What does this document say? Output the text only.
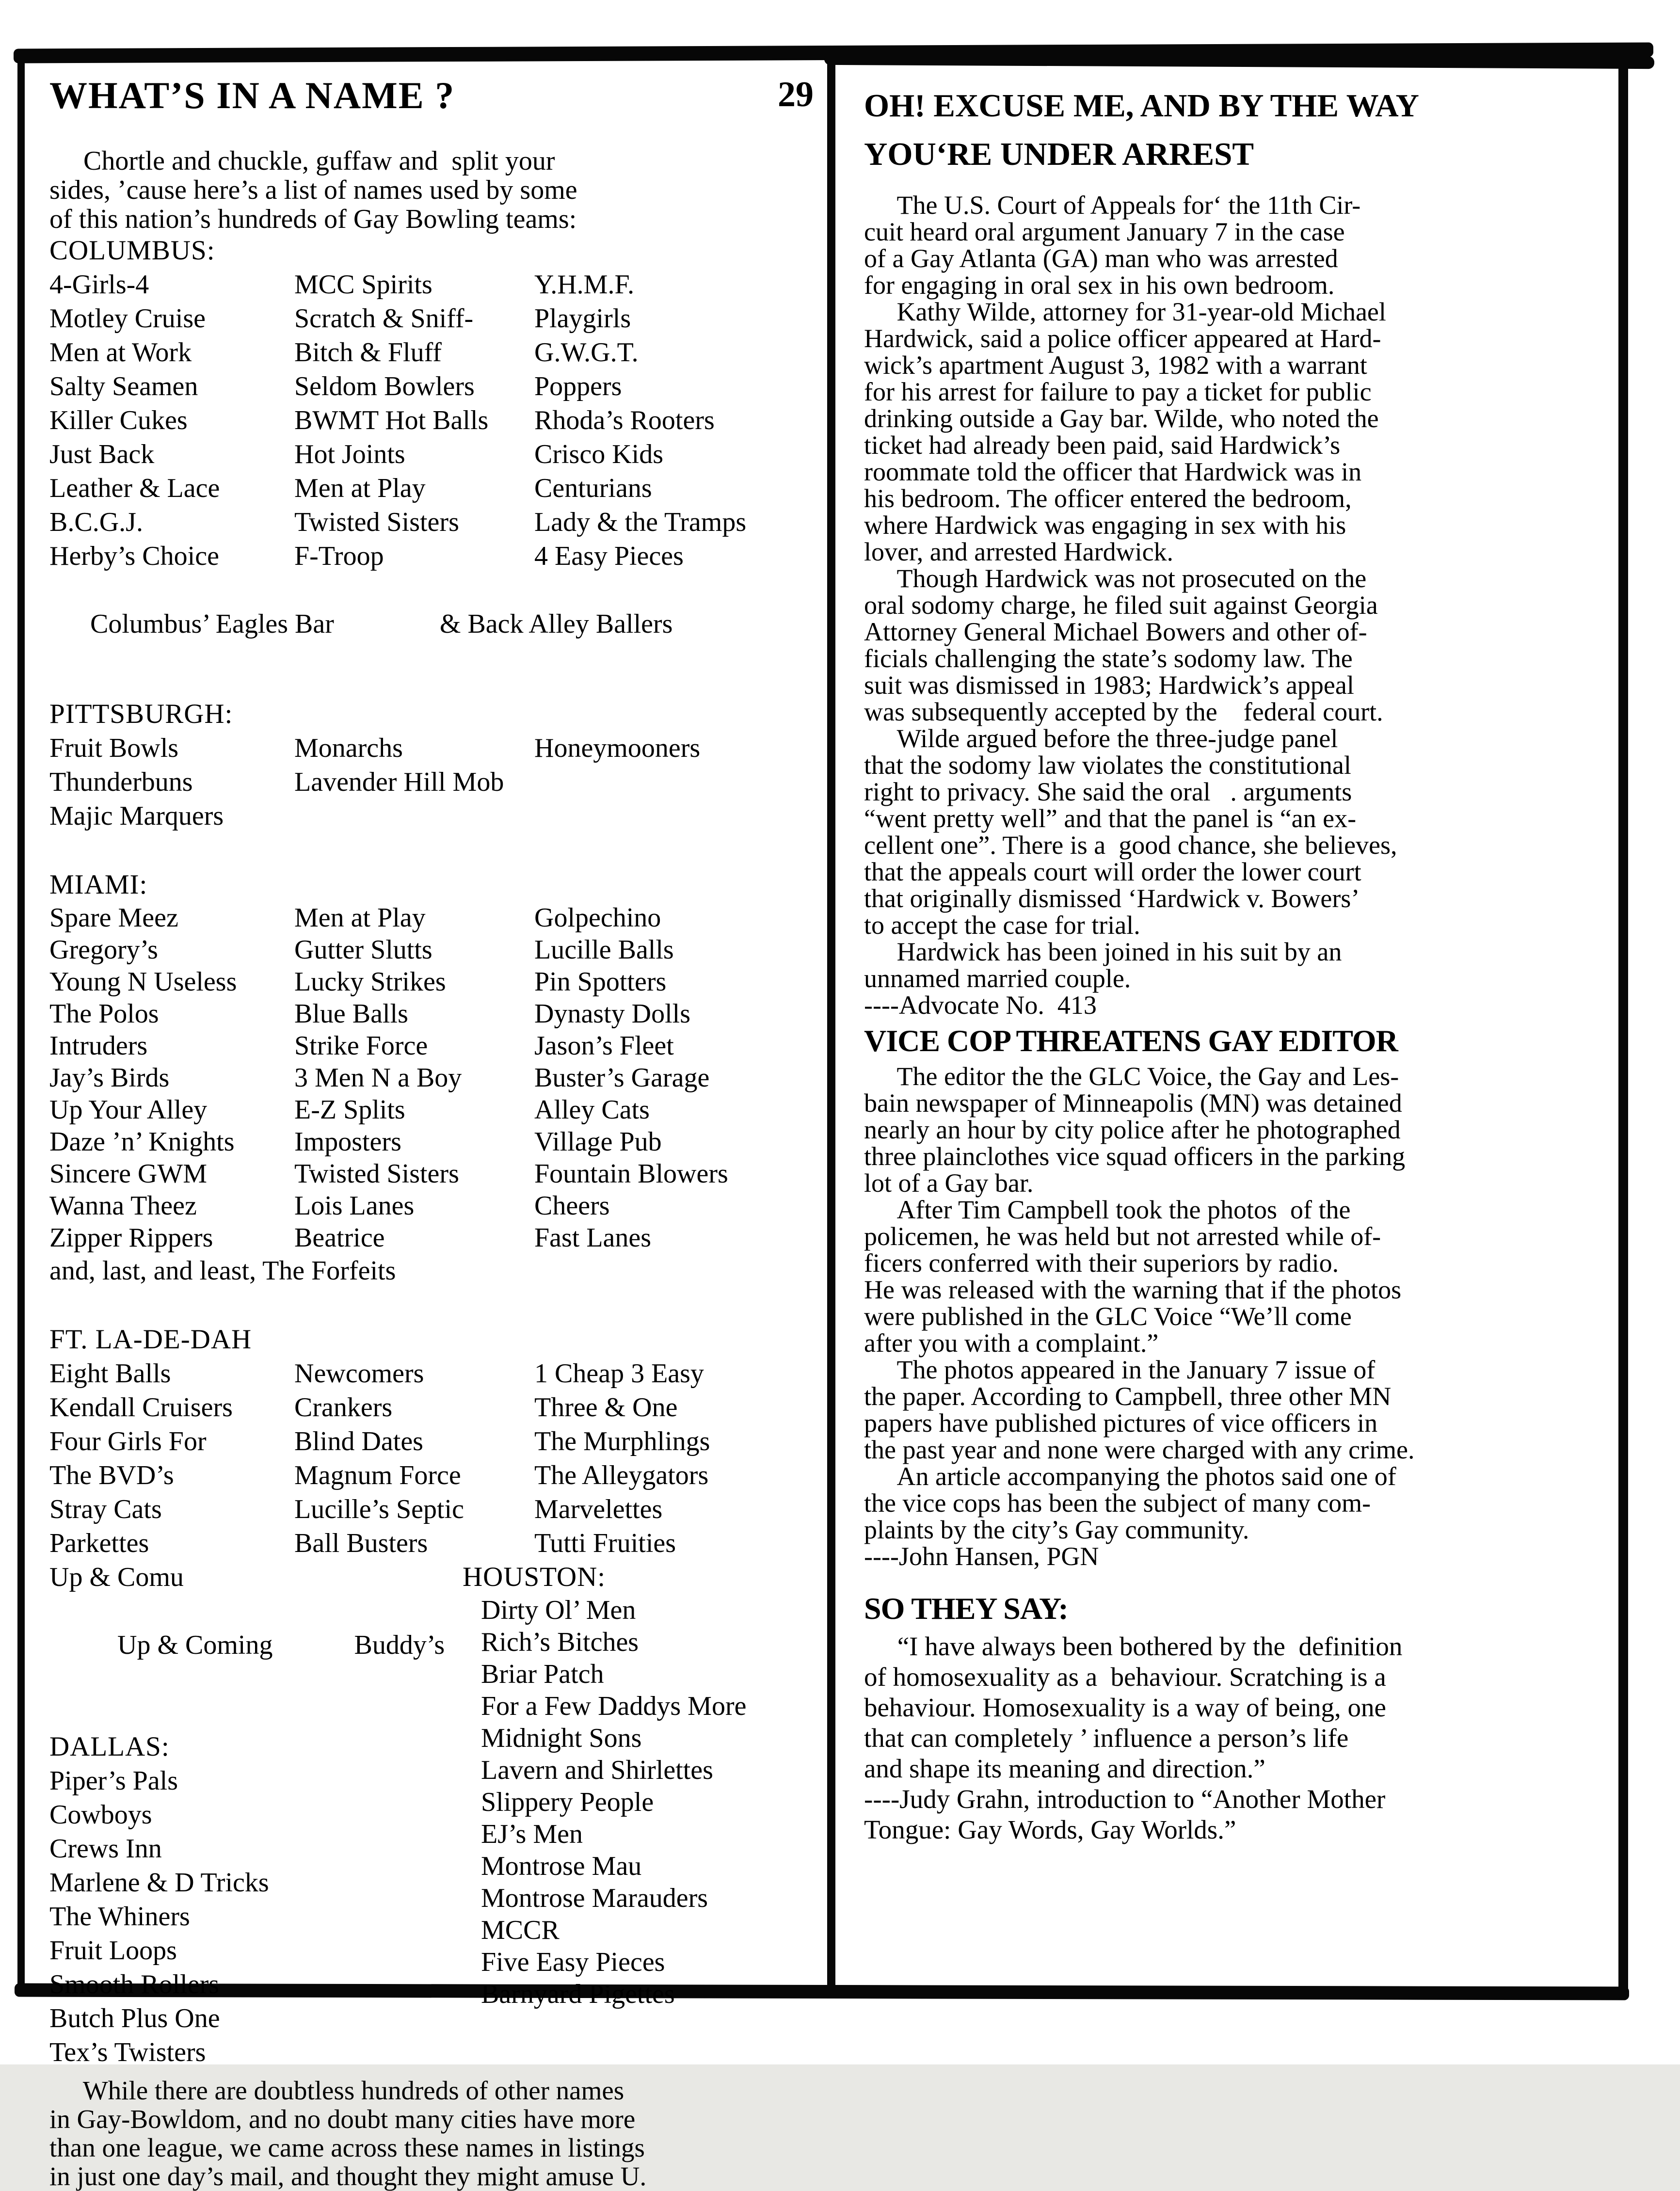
WHAT’S IN A NAME ?	29
Chortle and chuckle, guffaw and  split your
sides, ’cause here’s a list of names used by some
of this nation’s hundreds of Gay Bowling teams:
COLUMBUS:
4-Girls-4	MCC Spirits	Y.H.M.F.
Motley Cruise	Scratch & Sniff-	Playgirls
Men at Work	Bitch & Fluff	G.W.G.T.
Salty Seamen	Seldom Bowlers	Poppers
Killer Cukes	BWMT Hot Balls	Rhoda’s Rooters
Just Back	Hot Joints	Crisco Kids
Leather & Lace	Men at Play	Centurians
B.C.G.J.	Twisted Sisters	Lady & the Tramps
Herby’s Choice	F-Troop	4 Easy Pieces

Columbus’ Eagles Bar	& Back Alley Ballers

PITTSBURGH:
Fruit Bowls	Monarchs	Honeymooners
Thunderbuns	Lavender Hill Mob
Majic Marquers
MIAMI:
Spare Meez	Men at Play	Golpechino
Gregory’s	Gutter Slutts	Lucille Balls
Young N Useless	Lucky Strikes	Pin Spotters
The Polos	Blue Balls	Dynasty Dolls
Intruders	Strike Force	Jason’s Fleet
Jay’s Birds	3 Men N a Boy	Buster’s Garage
Up Your Alley	E-Z Splits	Alley Cats
Daze ’n’ Knights	Imposters	Village Pub
Sincere GWM	Twisted Sisters	Fountain Blowers
Wanna Theez	Lois Lanes	Cheers
Zipper Rippers	Beatrice	Fast Lanes
and, last, and least, The Forfeits
FT. LA-DE-DAH
Eight Balls	Newcomers	1 Cheap 3 Easy
Kendall Cruisers	Crankers	Three & One
Four Girls For	Blind Dates	The Murphlings
The BVD’s	Magnum Force	The Alleygators
Stray Cats	Lucille’s Septic	Marvelettes
Parkettes	Ball Busters	Tutti Fruities
Up & Comu

Up & Coming	Buddy’s

DALLAS:
Piper’s Pals
Cowboys
Crews Inn
Marlene & D Tricks
The Whiners
Fruit Loops
Smooth Rollers
Butch Plus One
Tex’s Twisters
HOUSTON:
Dirty Ol’ Men
Rich’s Bitches
Briar Patch
For a Few Daddys More
Midnight Sons
Lavern and Shirlettes
Slippery People
EJ’s Men
Montrose Mau
Montrose Marauders
MCCR
Five Easy Pieces
Barnyard Pigettes
While there are doubtless hundreds of other names
in Gay-Bowldom, and no doubt many cities have more
than one league, we came across these names in listings
in just one day’s mail, and thought they might amuse U.
OH! EXCUSE ME, AND BY THE WAY
YOU‘RE UNDER ARREST
The U.S. Court of Appeals for‘ the 11th Cir-
cuit heard oral argument January 7 in the case
of a Gay Atlanta (GA) man who was arrested
for engaging in oral sex in his own bedroom.
Kathy Wilde, attorney for 31-year-old Michael
Hardwick, said a police officer appeared at Hard-
wick’s apartment August 3, 1982 with a warrant
for his arrest for failure to pay a ticket for public
drinking outside a Gay bar. Wilde, who noted the
ticket had already been paid, said Hardwick’s
roommate told the officer that Hardwick was in
his bedroom. The officer entered the bedroom,
where Hardwick was engaging in sex with his
lover, and arrested Hardwick.
Though Hardwick was not prosecuted on the
oral sodomy charge, he filed suit against Georgia
Attorney General Michael Bowers and other of-
ficials challenging the state’s sodomy law. The
suit was dismissed in 1983; Hardwick’s appeal
was subsequently accepted by the    federal court.
Wilde argued before the three-judge panel
that the sodomy law violates the constitutional
right to privacy. She said the oral   . arguments
“went pretty well” and that the panel is “an ex-
cellent one”. There is a  good chance, she believes,
that the appeals court will order the lower court
that originally dismissed ‘Hardwick v. Bowers’
to accept the case for trial.
Hardwick has been joined in his suit by an
unnamed married couple.
----Advocate No.  413
VICE COP THREATENS GAY EDITOR
The editor the the GLC Voice, the Gay and Les-
bain newspaper of Minneapolis (MN) was detained
nearly an hour by city police after he photographed
three plainclothes vice squad officers in the parking
lot of a Gay bar.
After Tim Campbell took the photos  of the
policemen, he was held but not arrested while of-
ficers conferred with their superiors by radio.
He was released with the warning that if the photos
were published in the GLC Voice “We’ll come
after you with a complaint.”
The photos appeared in the January 7 issue of
the paper. According to Campbell, three other MN
papers have published pictures of vice officers in
the past year and none were charged with any crime.
An article accompanying the photos said one of
the vice cops has been the subject of many com-
plaints by the city’s Gay community.
----John Hansen, PGN
SO THEY SAY:
“I have always been bothered by the  definition
of homosexuality as a  behaviour. Scratching is a
behaviour. Homosexuality is a way of being, one
that can completely ’ influence a person’s life
and shape its meaning and direction.”
----Judy Grahn, introduction to “Another Mother
Tongue: Gay Words, Gay Worlds.”
